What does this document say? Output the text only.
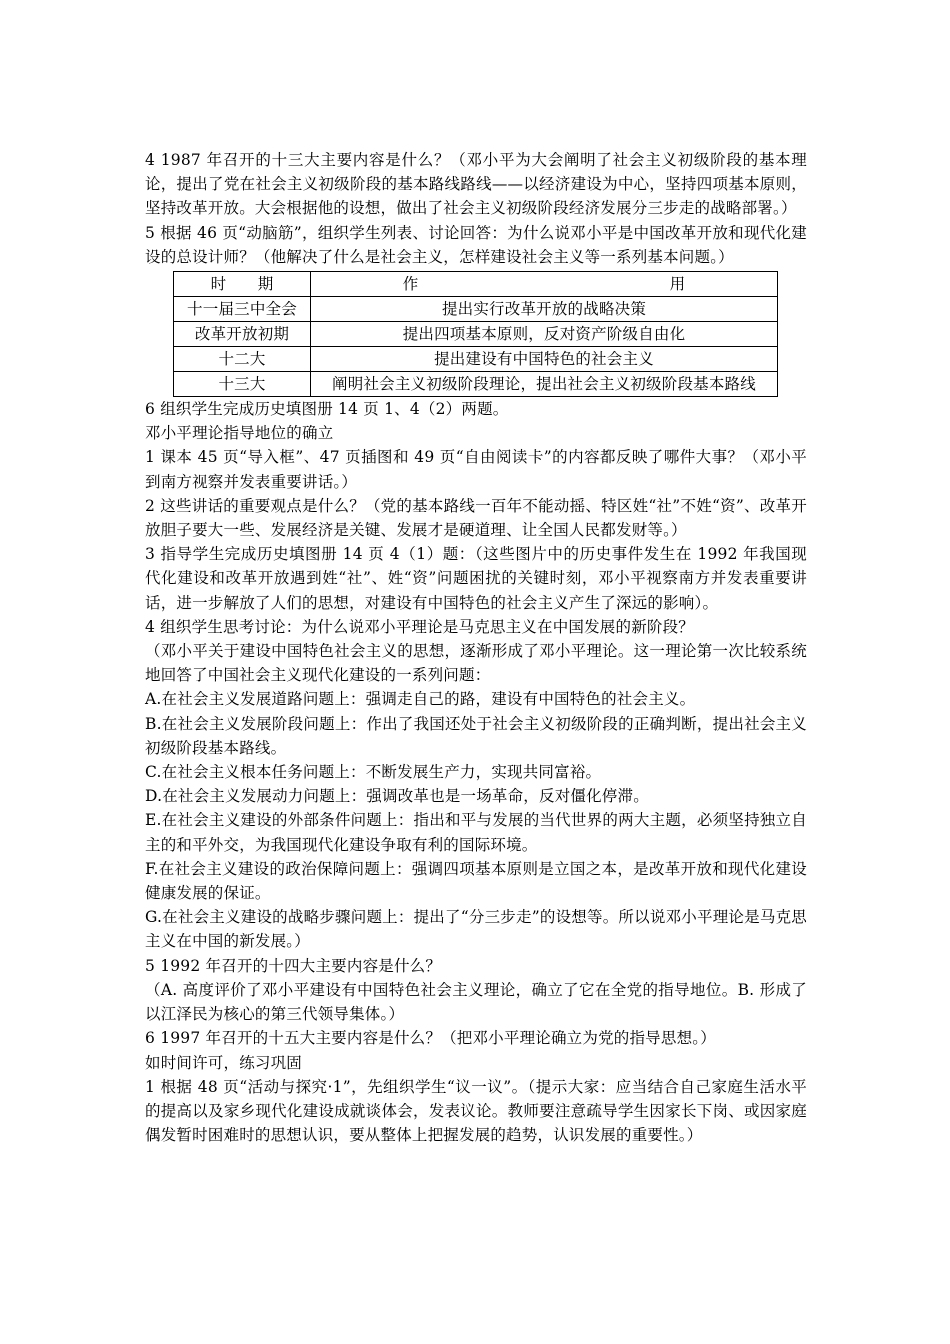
4 1987 年召开的十三大主要内容是什么？（邓小平为大会阐明了社会主义初级阶段的基本理论，提出了党在社会主义初级阶段的基本路线路线——以经济建设为中心，坚持四项基本原则，坚持改革开放。大会根据他的设想，做出了社会主义初级阶段经济发展分三步走的战略部署。）

5 根据 46 页“动脑筋”，组织学生列表、讨论回答：为什么说邓小平是中国改革开放和现代化建设的总设计师？（他解决了什么是社会主义，怎样建设社会主义等一系列基本问题。）

时　　期	作　　　　　　　　　　　　　　　　用
十一届三中全会	提出实行改革开放的战略决策
改革开放初期	提出四项基本原则，反对资产阶级自由化
十二大	提出建设有中国特色的社会主义
十三大	阐明社会主义初级阶段理论，提出社会主义初级阶段基本路线

6 组织学生完成历史填图册 14 页 1、4（2）两题。

邓小平理论指导地位的确立

1 课本 45 页“导入框”、47 页插图和 49 页“自由阅读卡”的内容都反映了哪件大事？（邓小平到南方视察并发表重要讲话。）

2 这些讲话的重要观点是什么？（党的基本路线一百年不能动摇、特区姓“社”不姓“资”、改革开放胆子要大一些、发展经济是关键、发展才是硬道理、让全国人民都发财等。）

3 指导学生完成历史填图册 14 页 4（1）题：（这些图片中的历史事件发生在 1992 年我国现代化建设和改革开放遇到姓“社”、姓“资”问题困扰的关键时刻，邓小平视察南方并发表重要讲话，进一步解放了人们的思想，对建设有中国特色的社会主义产生了深远的影响）。

4 组织学生思考讨论：为什么说邓小平理论是马克思主义在中国发展的新阶段？

（邓小平关于建设中国特色社会主义的思想，逐渐形成了邓小平理论。这一理论第一次比较系统地回答了中国社会主义现代化建设的一系列问题：

A.在社会主义发展道路问题上：强调走自己的路，建设有中国特色的社会主义。

B.在社会主义发展阶段问题上：作出了我国还处于社会主义初级阶段的正确判断，提出社会主义初级阶段基本路线。

C.在社会主义根本任务问题上：不断发展生产力，实现共同富裕。

D.在社会主义发展动力问题上：强调改革也是一场革命，反对僵化停滞。

E.在社会主义建设的外部条件问题上：指出和平与发展的当代世界的两大主题，必须坚持独立自主的和平外交，为我国现代化建设争取有利的国际环境。

F.在社会主义建设的政治保障问题上：强调四项基本原则是立国之本，是改革开放和现代化建设健康发展的保证。

G.在社会主义建设的战略步骤问题上：提出了“分三步走”的设想等。所以说邓小平理论是马克思主义在中国的新发展。）

5 1992 年召开的十四大主要内容是什么？

（A. 高度评价了邓小平建设有中国特色社会主义理论，确立了它在全党的指导地位。B. 形成了以江泽民为核心的第三代领导集体。）

6 1997 年召开的十五大主要内容是什么？（把邓小平理论确立为党的指导思想。）

如时间许可，练习巩固

1 根据 48 页“活动与探究·1”，先组织学生“议一议”。（提示大家：应当结合自己家庭生活水平的提高以及家乡现代化建设成就谈体会，发表议论。教师要注意疏导学生因家长下岗、或因家庭偶发暂时困难时的思想认识，要从整体上把握发展的趋势，认识发展的重要性。）
